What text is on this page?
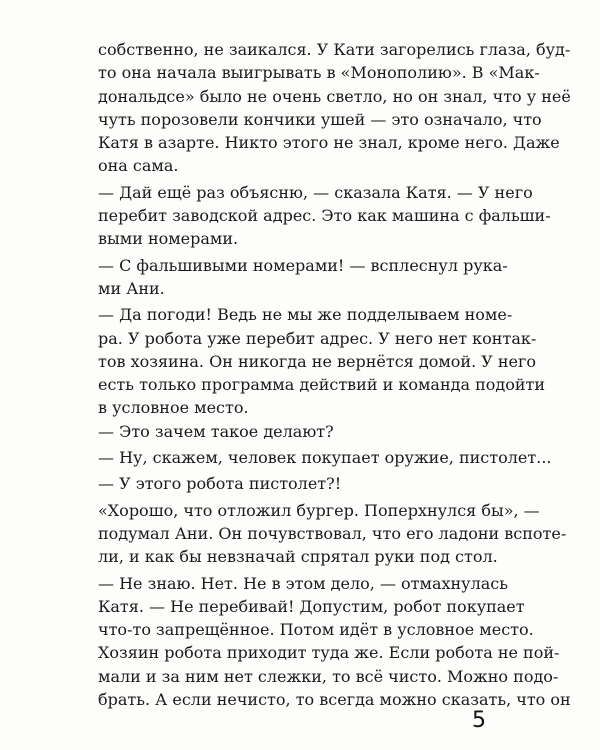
собственно, не заикался. У Кати загорелись глаза, буд-
то она начала выигрывать в «Монополию». В «Мак-
дональдсе» было не очень светло, но он знал, что у неё
чуть порозовели кончики ушей — это означало, что
Катя в азарте. Никто этого не знал, кроме него. Даже
она сама.
— Дай ещё раз объясню, — сказала Катя. — У него
перебит заводской адрес. Это как машина с фальши-
выми номерами.
— С фальшивыми номерами! — всплеснул рука-
ми Ани.
— Да погоди! Ведь не мы же подделываем номе-
ра. У робота уже перебит адрес. У него нет контак-
тов хозяина. Он никогда не вернётся домой. У него
есть только программа действий и команда подойти
в условное место.
— Это зачем такое делают?
— Ну, скажем, человек покупает оружие, пистолет...
— У этого робота пистолет?!
«Хорошо, что отложил бургер. Поперхнулся бы», —
подумал Ани. Он почувствовал, что его ладони вспоте-
ли, и как бы невзначай спрятал руки под стол.
— Не знаю. Нет. Не в этом дело, — отмахнулась
Катя. — Не перебивай! Допустим, робот покупает
что-то запрещённое. Потом идёт в условное место.
Хозяин робота приходит туда же. Если робота не пой-
мали и за ним нет слежки, то всё чисто. Можно подо-
брать. А если нечисто, то всегда можно сказать, что он
5
